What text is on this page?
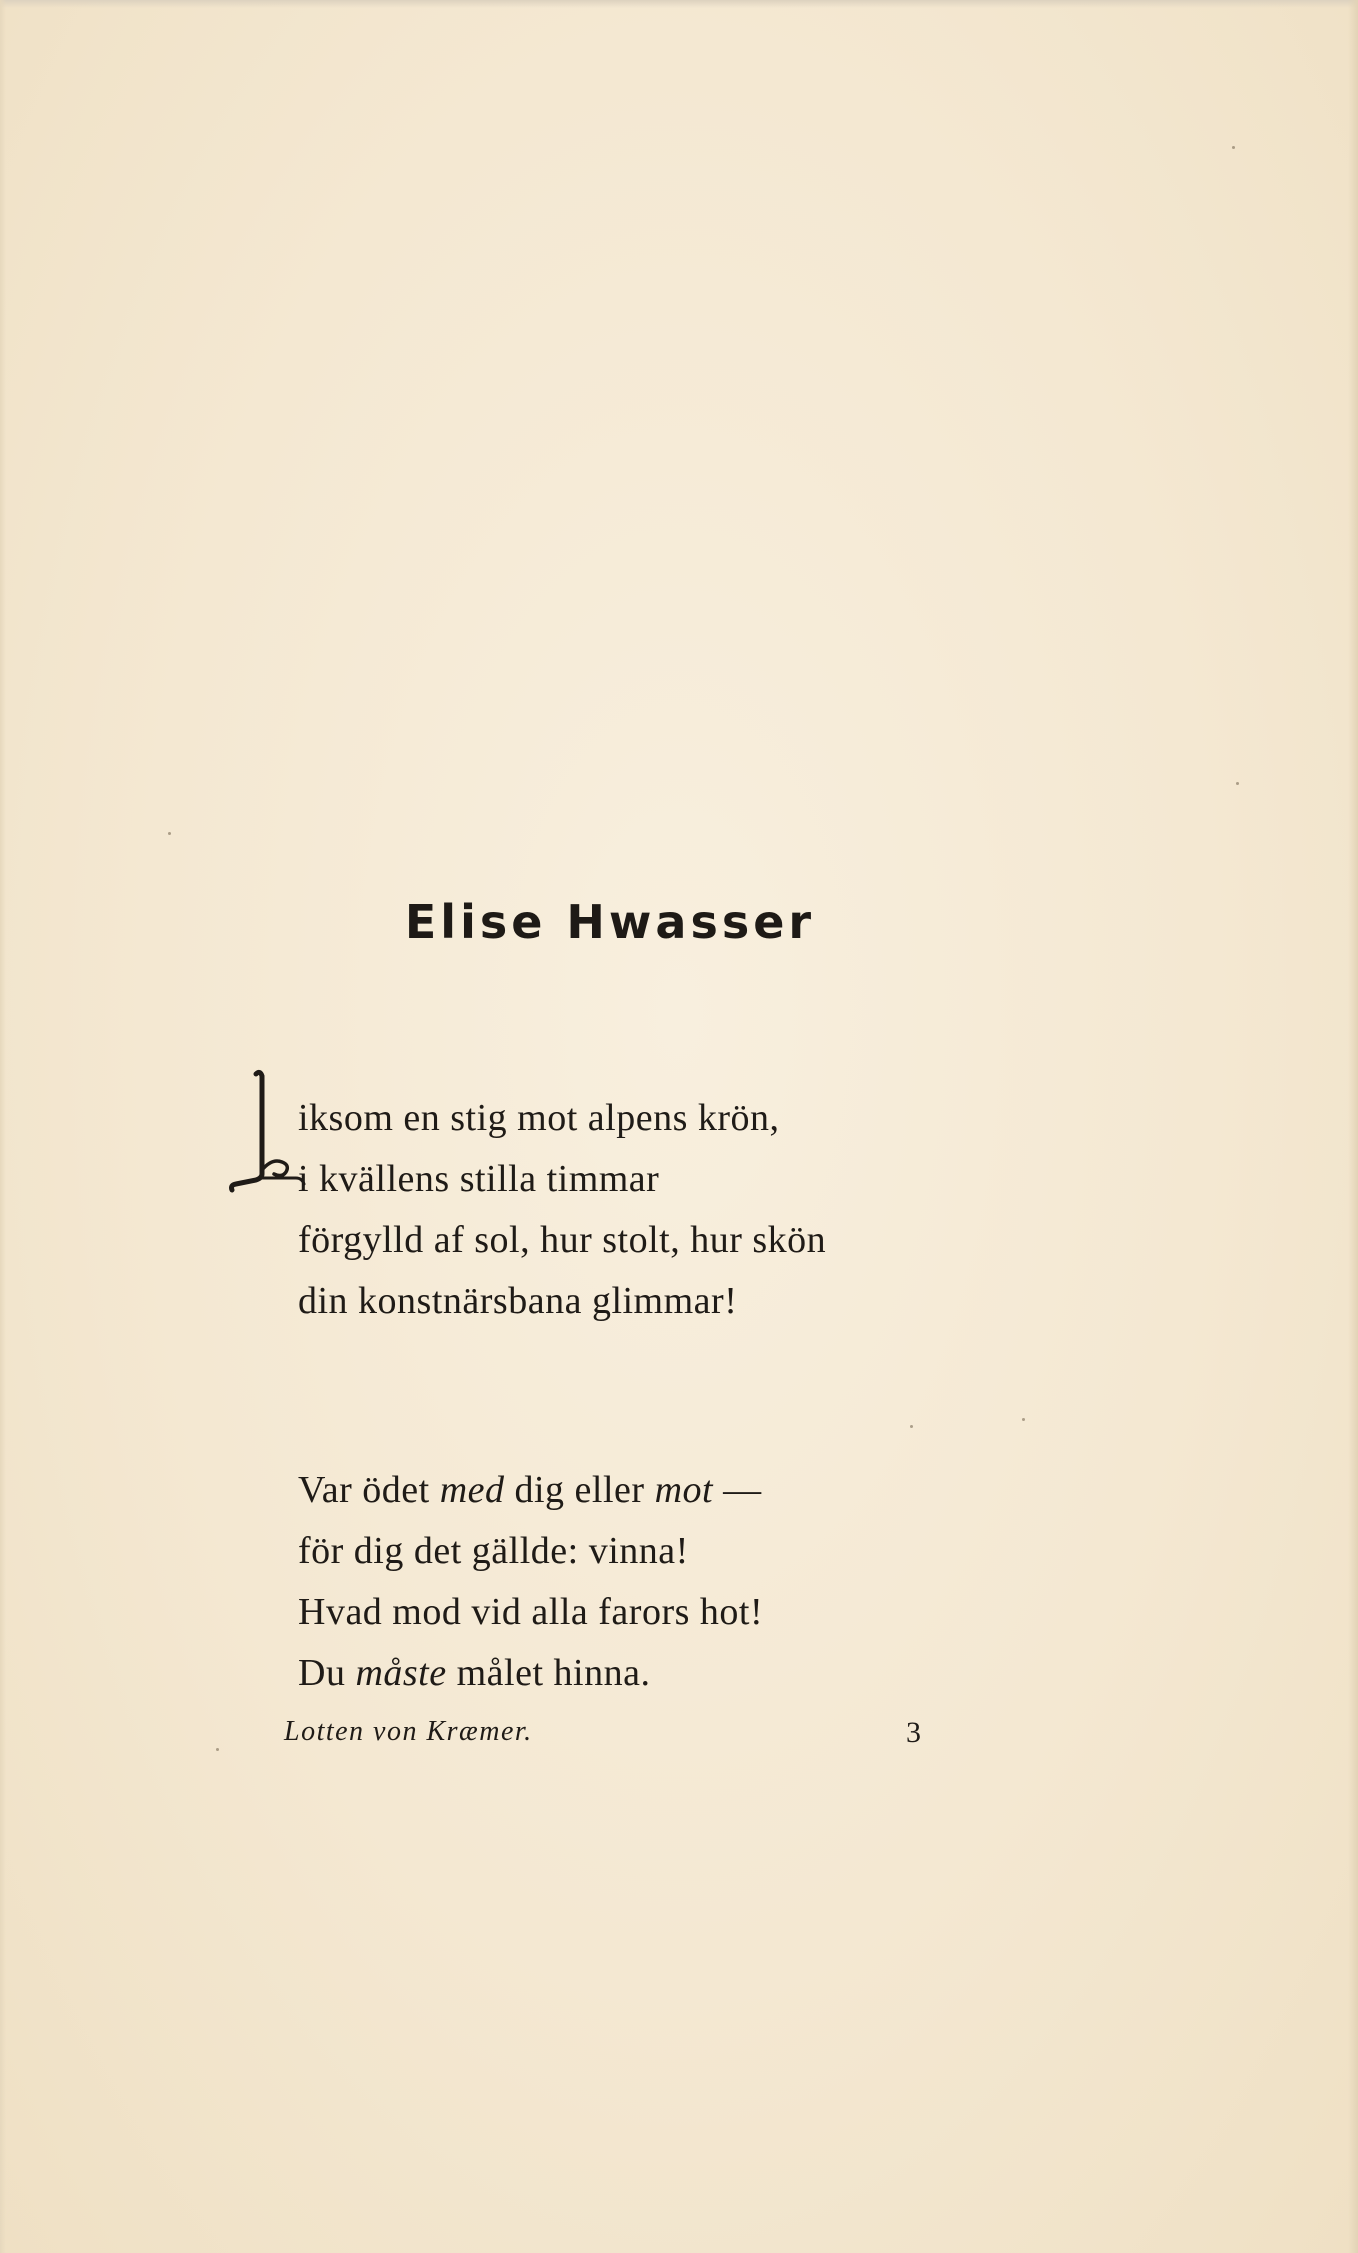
Elise Hwasser
iksom en stig mot alpens krön,
i kvällens stilla timmar
förgylld af sol, hur stolt, hur skön
din konstnärsbana glimmar!
Var ödet med dig eller mot —
för dig det gällde: vinna!
Hvad mod vid alla farors hot!
Du måste målet hinna.
Lotten von Kræmer.	3
